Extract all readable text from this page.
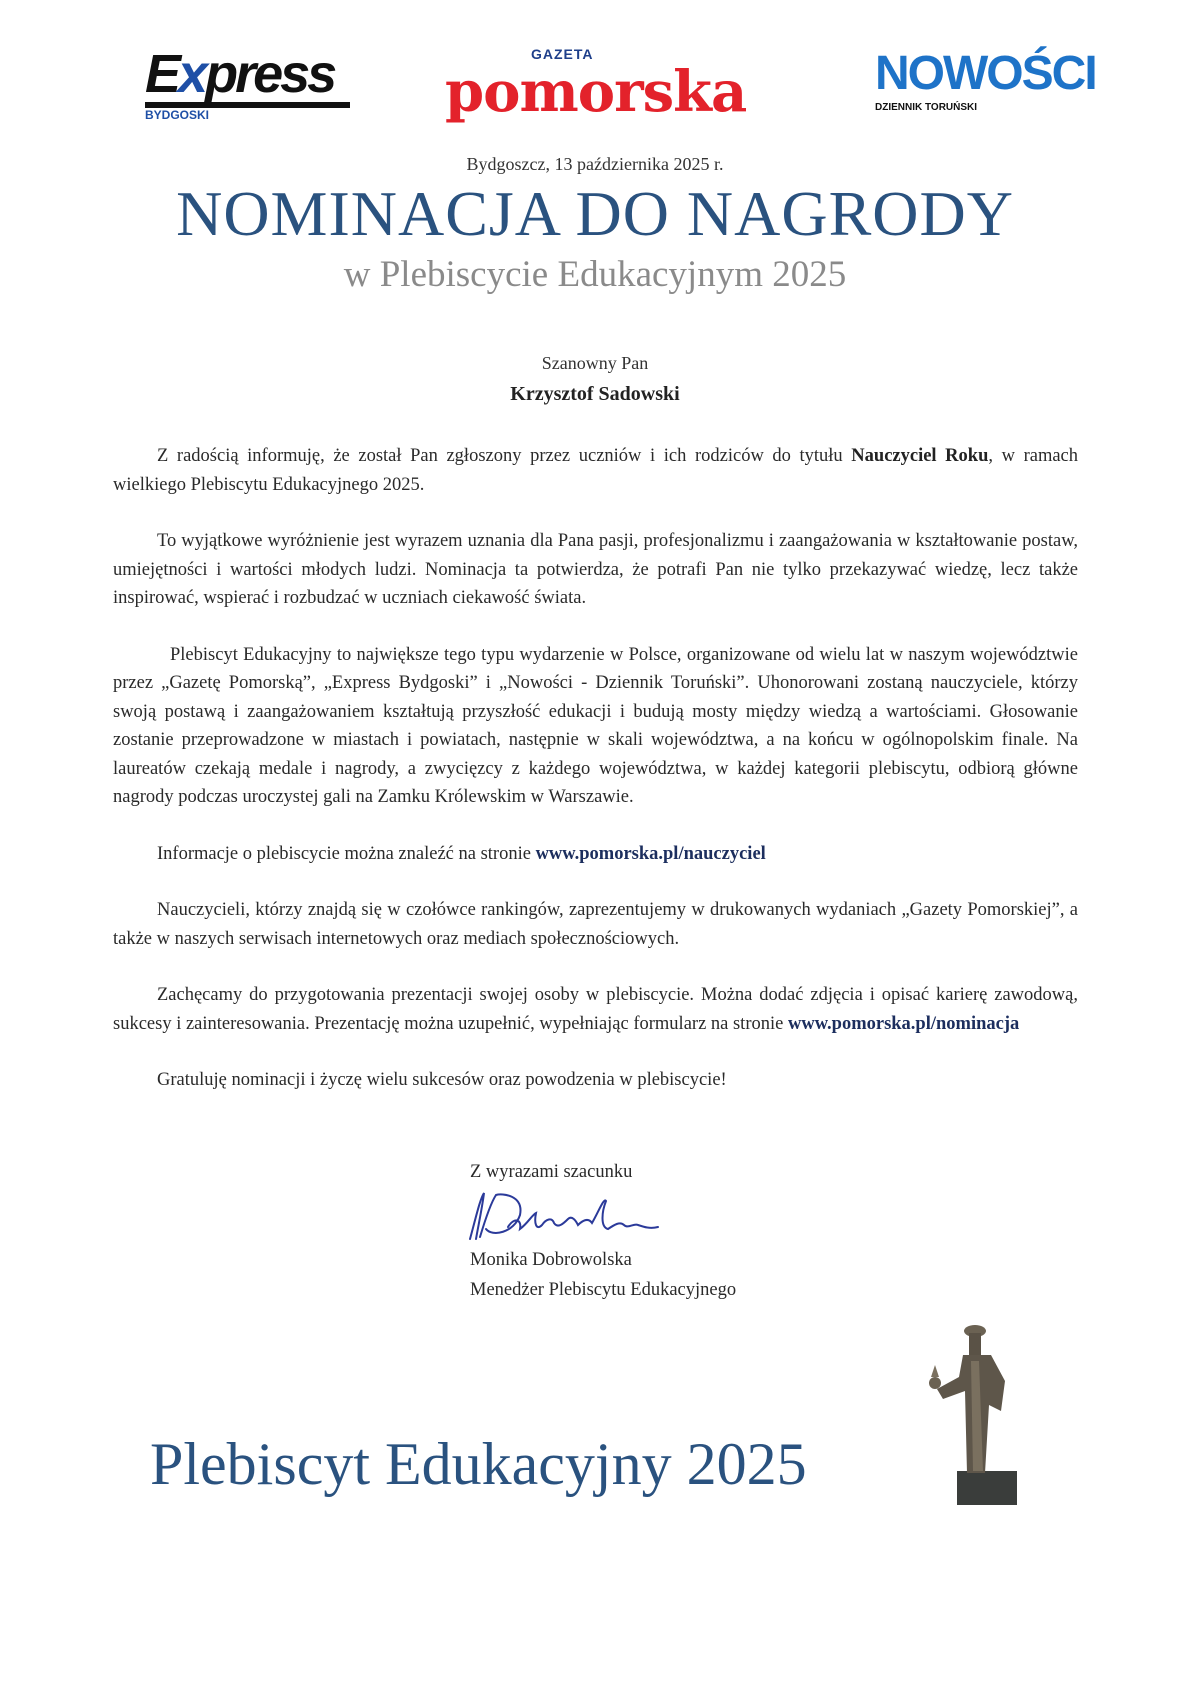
Express
BYDGOSKI
GAZETA
pomorska	NOWOŚCI
DZIENNIK TORUŃSKI
Bydgoszcz, 13 października 2025 r.
NOMINACJA DO NAGRODY
w Plebiscycie Edukacyjnym 2025
Szanowny Pan
Krzysztof Sadowski

Z radością informuję, że został Pan zgłoszony przez uczniów i ich rodziców do tytułu Nauczyciel Roku, w ramach wielkiego Plebiscytu Edukacyjnego 2025.

To wyjątkowe wyróżnienie jest wyrazem uznania dla Pana pasji, profesjonalizmu i zaangażowania w kształtowanie postaw, umiejętności i wartości młodych ludzi. Nominacja ta potwierdza, że potrafi Pan nie tylko przekazywać wiedzę, lecz także inspirować, wspierać i rozbudzać w uczniach ciekawość świata.

Plebiscyt Edukacyjny to największe tego typu wydarzenie w Polsce, organizowane od wielu lat w naszym województwie przez „Gazetę Pomorską”, „Express Bydgoski” i „Nowości - Dziennik Toruński”. Uhonorowani zostaną nauczyciele, którzy swoją postawą i zaangażowaniem kształtują przyszłość edukacji i budują mosty między wiedzą a wartościami. Głosowanie zostanie przeprowadzone w miastach i powiatach, następnie w skali województwa, a na końcu w ogólnopolskim finale. Na laureatów czekają medale i nagrody, a zwycięzcy z każdego województwa, w każdej kategorii plebiscytu, odbiorą główne nagrody podczas uroczystej gali na Zamku Królewskim w Warszawie.

Informacje o plebiscycie można znaleźć na stronie www.pomorska.pl/nauczyciel

Nauczycieli, którzy znajdą się w czołówce rankingów, zaprezentujemy w drukowanych wydaniach „Gazety Pomorskiej”, a także w naszych serwisach internetowych oraz mediach społecznościowych.

Zachęcamy do przygotowania prezentacji swojej osoby w plebiscycie. Można dodać zdjęcia i opisać karierę zawodową, sukcesy i zainteresowania. Prezentację można uzupełnić, wypełniając formularz na stronie www.pomorska.pl/nominacja

Gratuluję nominacji i życzę wielu sukcesów oraz powodzenia w plebiscycie!

Z wyrazami szacunku
Monika Dobrowolska
Menedżer Plebiscytu Edukacyjnego
Plebiscyt Edukacyjny 2025
